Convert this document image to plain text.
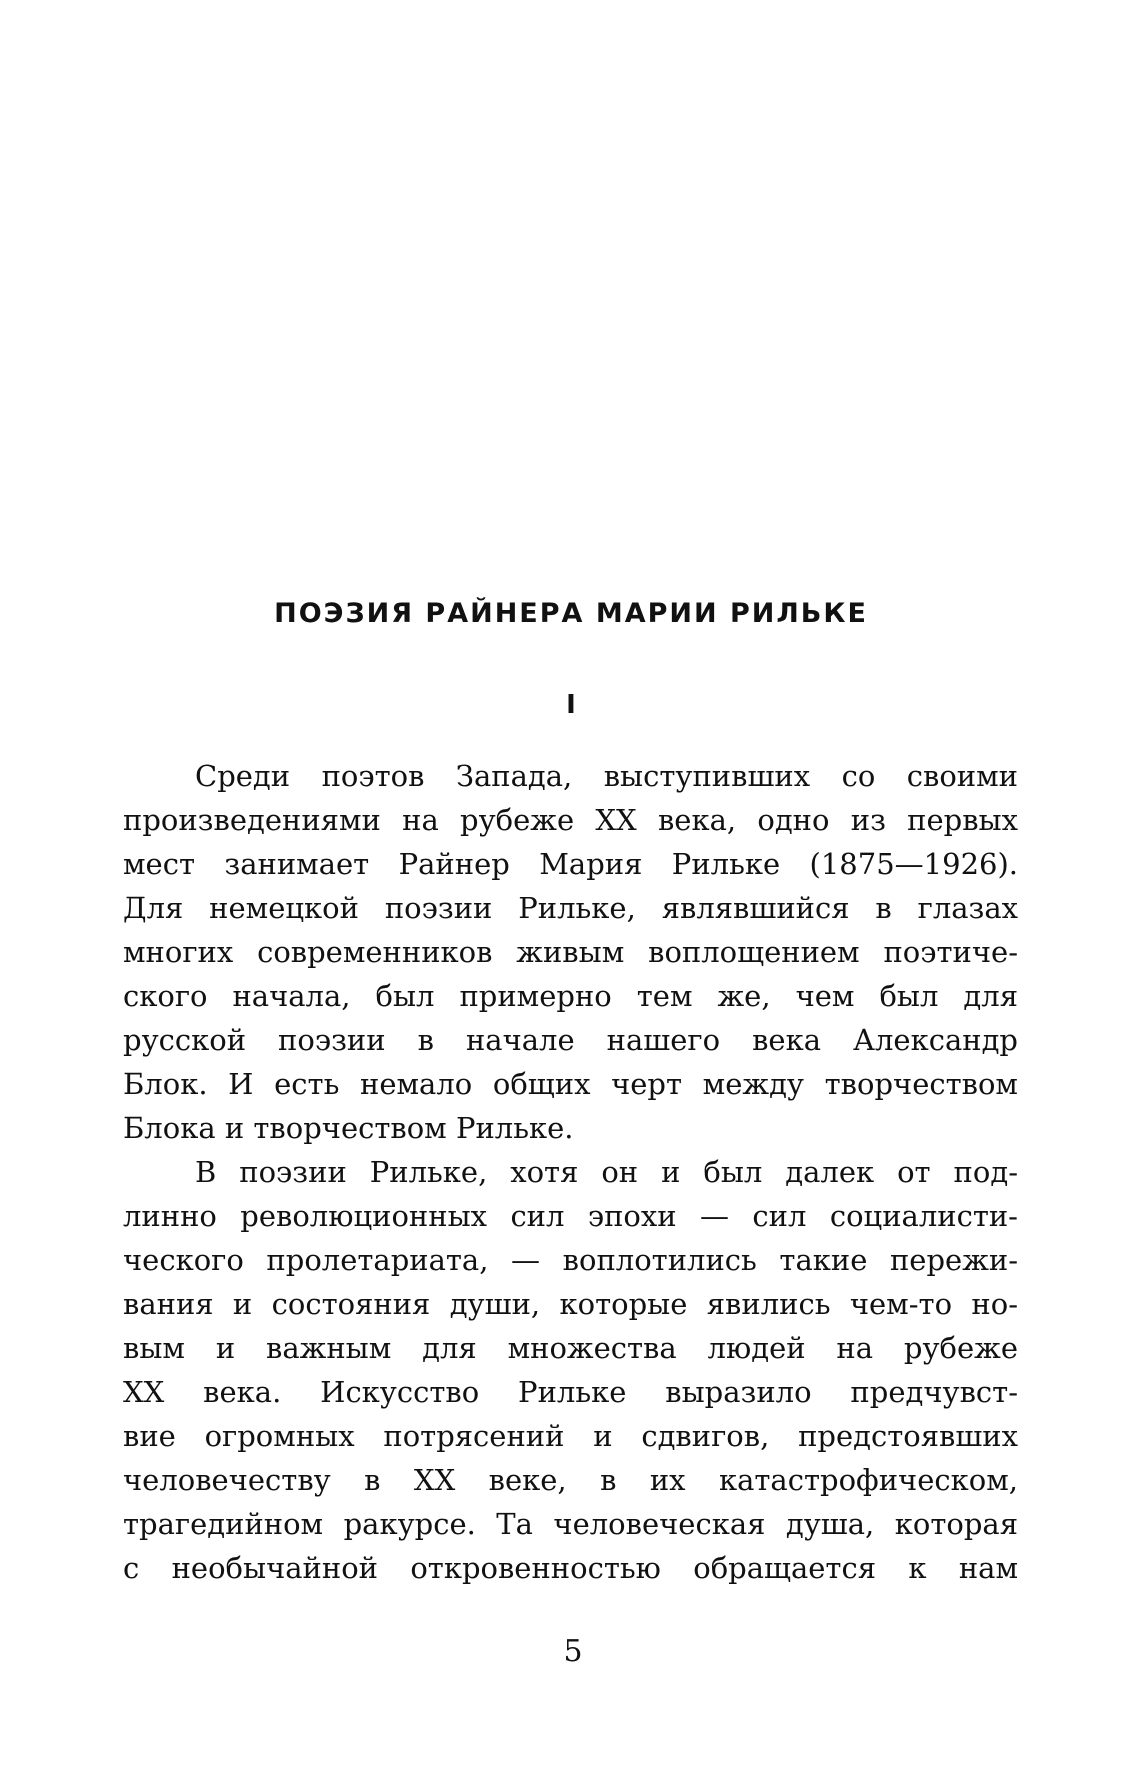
ПОЭЗИЯ РАЙНЕРА МАРИИ РИЛЬКЕ
I
Среди поэтов Запада, выступивших со своими
произведениями на рубеже XX века, одно из первых
мест занимает Райнер Мария Рильке (1875—1926).
Для немецкой поэзии Рильке, являвшийся в глазах
многих современников живым воплощением поэтиче-
ского начала, был примерно тем же, чем был для
русской поэзии в начале нашего века Александр
Блок. И есть немало общих черт между творчеством
Блока и творчеством Рильке.
В поэзии Рильке, хотя он и был далек от под-
линно революционных сил эпохи — сил социалисти-
ческого пролетариата, — воплотились такие пережи-
вания и состояния души, которые явились чем-то но-
вым и важным для множества людей на рубеже
XX века. Искусство Рильке выразило предчувст-
вие огромных потрясений и сдвигов, предстоявших
человечеству в XX веке, в их катастрофическом,
трагедийном ракурсе. Та человеческая душа, которая
с необычайной откровенностью обращается к нам
5
